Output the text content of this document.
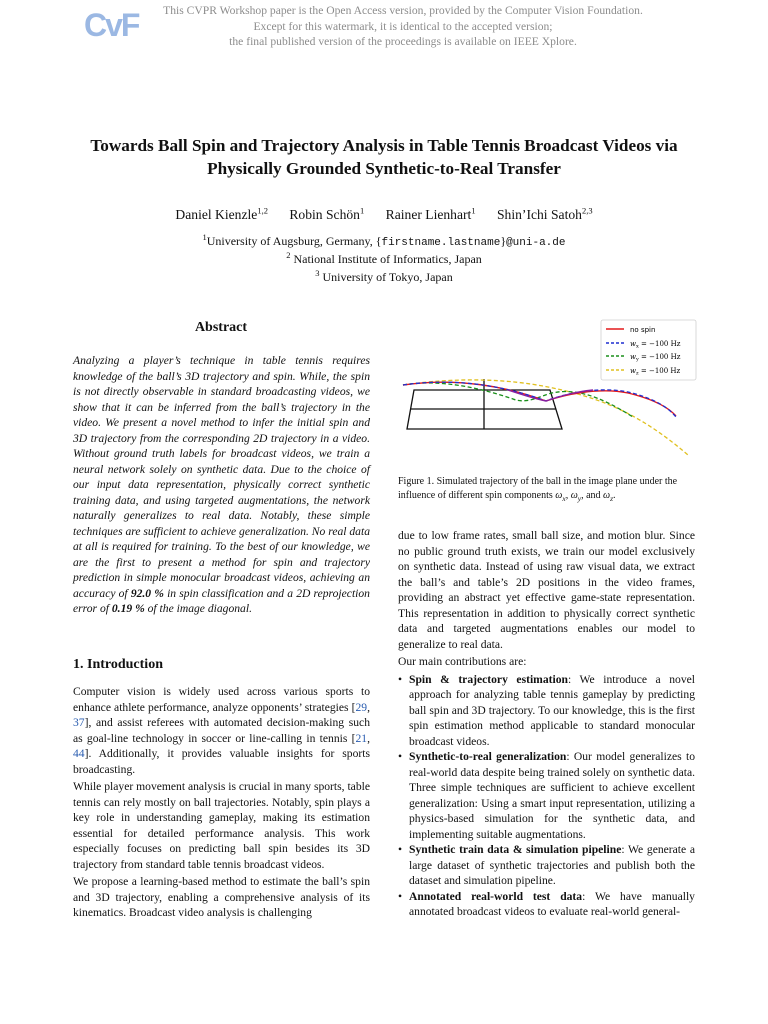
CvF	This CVPR Workshop paper is the Open Access version, provided by the Computer Vision Foundation.
Except for this watermark, it is identical to the accepted version;
the final published version of the proceedings is available on IEEE Xplore.
Towards Ball Spin and Trajectory Analysis in Table Tennis Broadcast Videos via
Physically Grounded Synthetic-to-Real Transfer
Daniel Kienzle$^{1,2}$ Robin Schön$^1$ Rainer Lienhart$^1$ Shin’Ichi Satoh$^{2,3}$
$^1$University of Augsburg, Germany, {firstname.lastname}@uni-a.de
$^2$ National Institute of Informatics, Japan
$^3$ University of Tokyo, Japan
Abstract
Analyzing a player’s technique in table tennis requires knowledge of the ball’s 3D trajectory and spin. While, the spin is not directly observable in standard broadcasting videos, we show that it can be inferred from the ball’s trajectory in the video. We present a novel method to infer the initial spin and 3D trajectory from the corresponding 2D trajectory in a video. Without ground truth labels for broadcast videos, we train a neural network solely on synthetic data. Due to the choice of our input data representation, physically correct synthetic training data, and using targeted augmentations, the network naturally generalizes to real data. Notably, these simple techniques are sufficient to achieve generalization. No real data at all is required for training. To the best of our knowledge, we are the first to present a method for spin and trajectory prediction in simple monocular broadcast videos, achieving an accuracy of 92.0 % in spin classification and a 2D reprojection error of 0.19 % of the image diagonal.
1. Introduction

Computer vision is widely used across various sports to enhance athlete performance, analyze opponents’ strategies [29, 37], and assist referees with automated decision-making such as goal-line technology in soccer or line-calling in tennis [21, 44]. Additionally, it provides valuable insights for sports broadcasting.

While player movement analysis is crucial in many sports, table tennis can rely mostly on ball trajectories. Notably, spin plays a key role in understanding gameplay, making its estimation essential for detailed performance analysis. This work especially focuses on predicting ball spin besides its 3D trajectory from standard table tennis broadcast videos.

We propose a learning-based method to estimate the ball’s spin and 3D trajectory, enabling a comprehensive analysis of its kinematics. Broadcast video analysis is challenging

no spin
$w_x = -100$ Hz
$w_y = -100$ Hz
$w_z = -100$ Hz
Figure 1. Simulated trajectory of the ball in the image plane under the influence of different spin components $\omega_x$, $\omega_y$, and $\omega_z$.

due to low frame rates, small ball size, and motion blur. Since no public ground truth exists, we train our model exclusively on synthetic data. Instead of using raw visual data, we extract the ball’s and table’s 2D positions in the video frames, providing an abstract yet effective game-state representation. This representation in addition to physically correct synthetic data and targeted augmentations enables our model to generalize to real data.

Our main contributions are:

• Spin & trajectory estimation: We introduce a novel approach for analyzing table tennis gameplay by predicting ball spin and 3D trajectory. To our knowledge, this is the first spin estimation method applicable to standard monocular broadcast videos.
• Synthetic-to-real generalization: Our model generalizes to real-world data despite being trained solely on synthetic data. Three simple techniques are sufficient to achieve excellent generalization: Using a smart input representation, utilizing a physics-based simulation for the synthetic data, and implementing suitable augmentations.
• Synthetic train data & simulation pipeline: We generate a large dataset of synthetic trajectories and publish both the dataset and simulation pipeline.
• Annotated real-world test data: We have manually annotated broadcast videos to evaluate real-world general-
